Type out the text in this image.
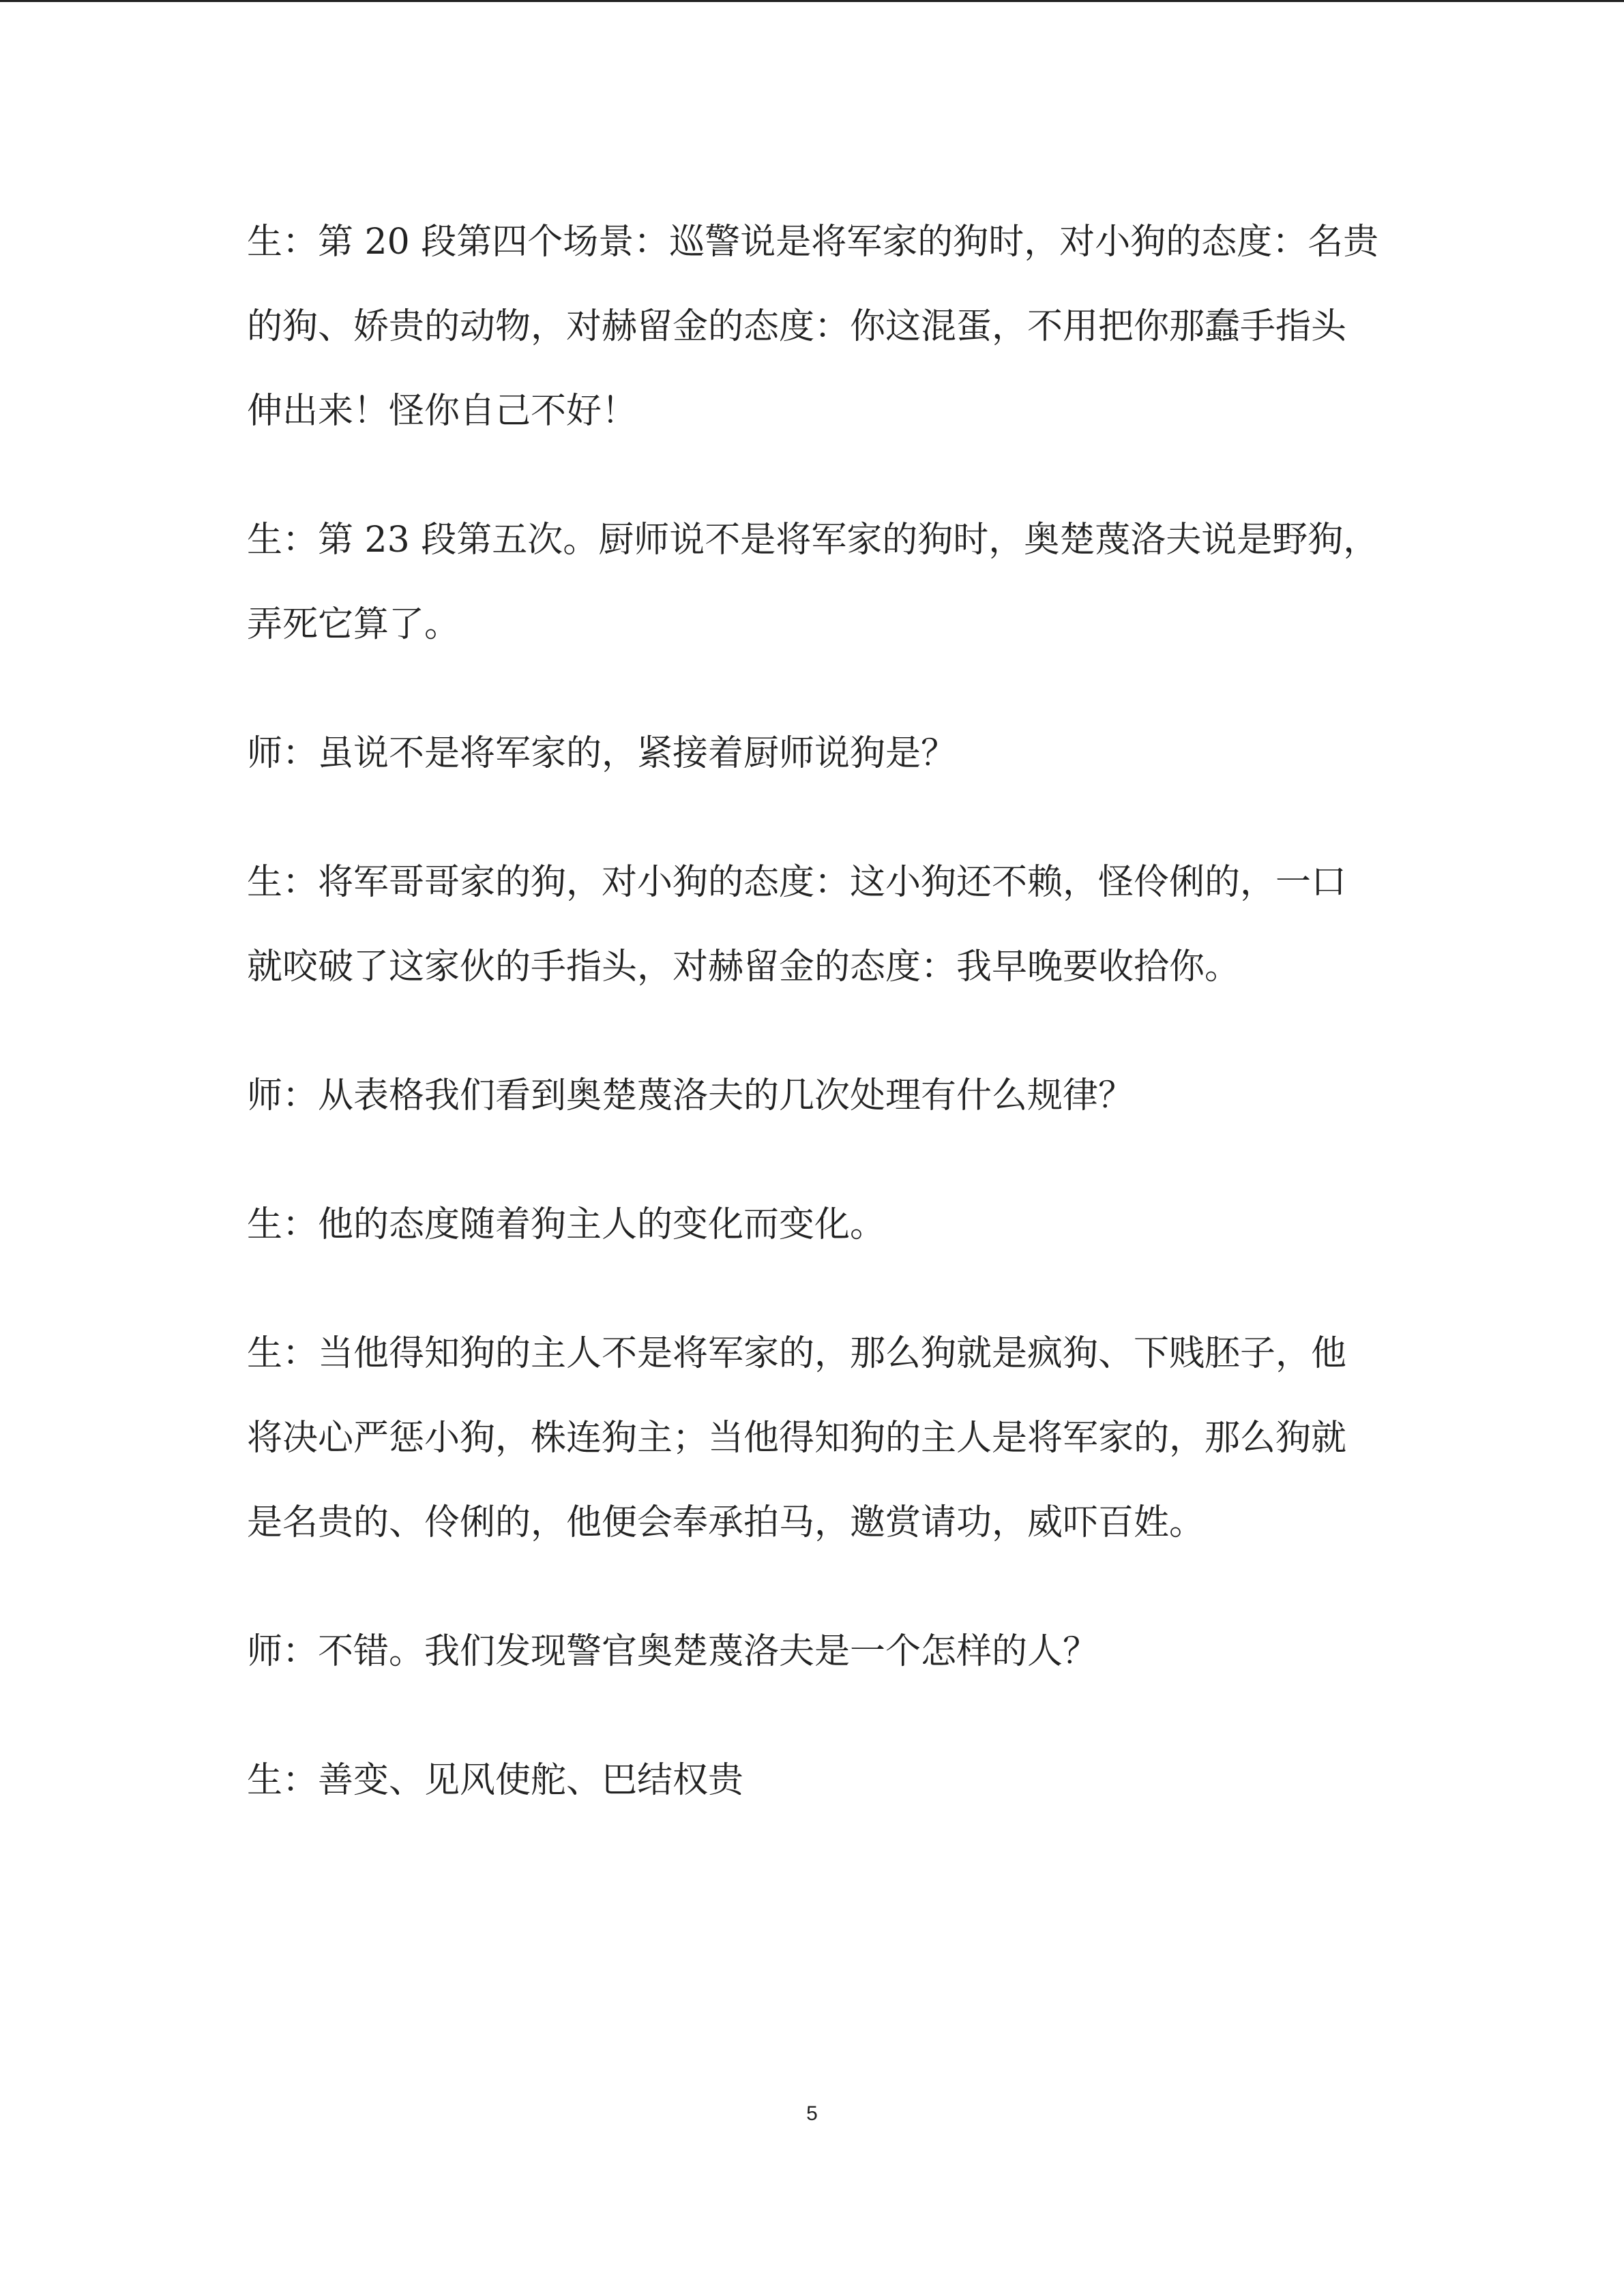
生：第 20 段第四个场景：巡警说是将军家的狗时，对小狗的态度：名贵的狗、娇贵的动物，对赫留金的态度：你这混蛋，不用把你那蠢手指头伸出来！怪你自己不好！

生：第 23 段第五次。厨师说不是将军家的狗时，奥楚蔑洛夫说是野狗，弄死它算了。

师：虽说不是将军家的，紧接着厨师说狗是？

生：将军哥哥家的狗，对小狗的态度：这小狗还不赖，怪伶俐的，一口就咬破了这家伙的手指头，对赫留金的态度：我早晚要收拾你。

师：从表格我们看到奥楚蔑洛夫的几次处理有什么规律？

生：他的态度随着狗主人的变化而变化。

生：当他得知狗的主人不是将军家的，那么狗就是疯狗、下贱胚子，他将决心严惩小狗，株连狗主；当他得知狗的主人是将军家的，那么狗就是名贵的、伶俐的，他便会奉承拍马，邀赏请功，威吓百姓。

师：不错。我们发现警官奥楚蔑洛夫是一个怎样的人？

生：善变、见风使舵、巴结权贵

5
